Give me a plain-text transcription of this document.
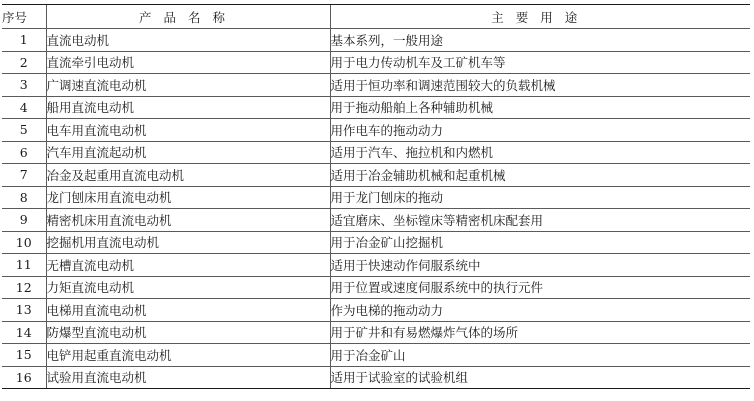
序号	产品名称	主要用途
1	直流电动机	基本系列，一般用途
2	直流牵引电动机	用于电力传动机车及工矿机车等
3	广调速直流电动机	适用于恒功率和调速范围较大的负载机械
4	船用直流电动机	用于拖动船舶上各种辅助机械
5	电车用直流电动机	用作电车的拖动动力
6	汽车用直流起动机	适用于汽车、拖拉机和内燃机
7	冶金及起重用直流电动机	适用于冶金辅助机械和起重机械
8	龙门刨床用直流电动机	用于龙门刨床的拖动
9	精密机床用直流电动机	适宜磨床、坐标镗床等精密机床配套用
10	挖掘机用直流电动机	用于冶金矿山挖掘机
11	无槽直流电动机	适用于快速动作伺服系统中
12	力矩直流电动机	用于位置或速度伺服系统中的执行元件
13	电梯用直流电动机	作为电梯的拖动动力
14	防爆型直流电动机	用于矿井和有易燃爆炸气体的场所
15	电铲用起重直流电动机	用于冶金矿山
16	试验用直流电动机	适用于试验室的试验机组
